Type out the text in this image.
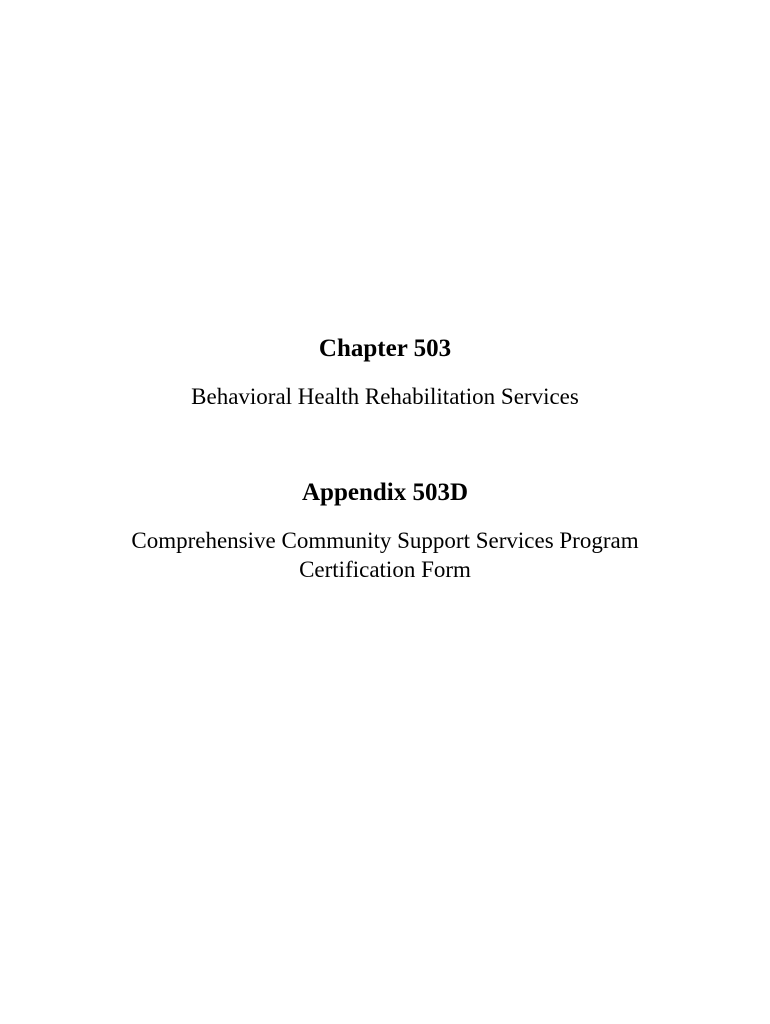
Chapter 503
Behavioral Health Rehabilitation Services
Appendix 503D
Comprehensive Community Support Services Program
Certification Form
